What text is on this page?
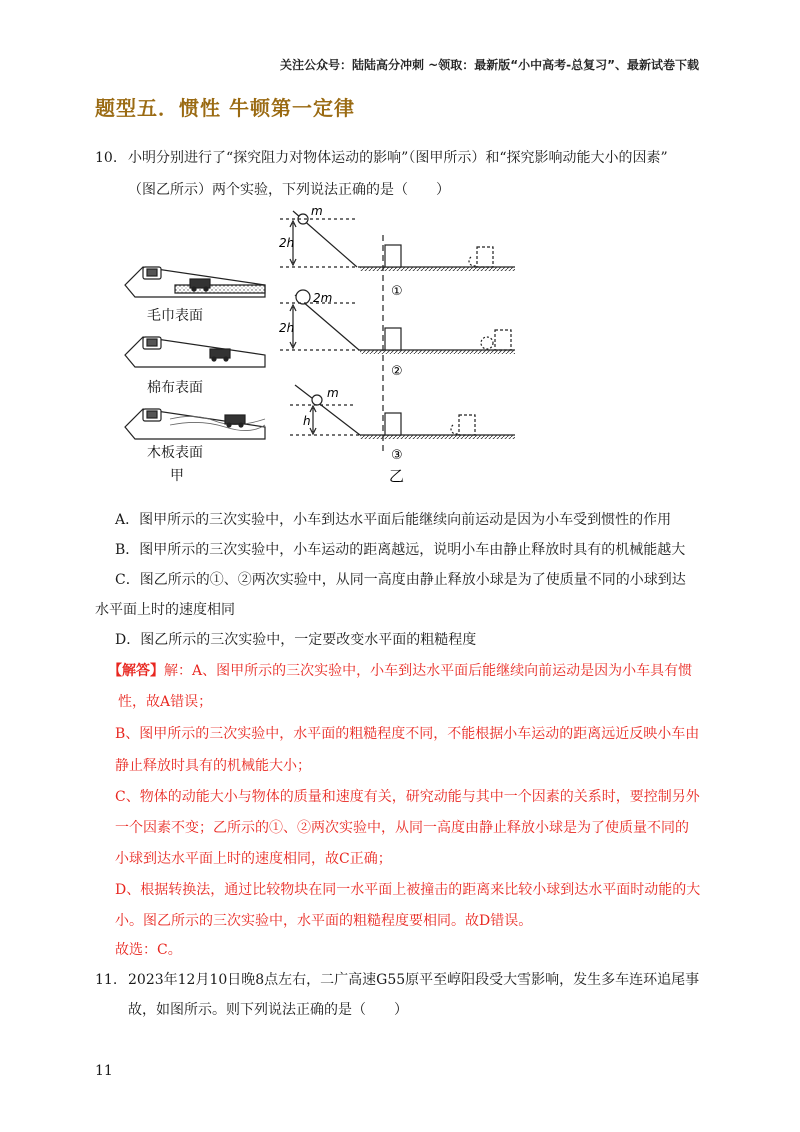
关注公众号：陆陆高分冲刺 ~领取：最新版“小中高考-总复习”、最新试卷下载
题型五．惯性 牛顿第一定律
10. 小明分别进行了“探究阻力对物体运动的影响”（图甲所示）和“探究影响动能大小的因素”
（图乙所示）两个实验，下列说法正确的是（　　）
毛巾表面
棉布表面
木板表面
甲
m
2h
①
2m
2h
②
m
h
③
乙
A．图甲所示的三次实验中，小车到达水平面后能继续向前运动是因为小车受到惯性的作用
B．图甲所示的三次实验中，小车运动的距离越远，说明小车由静止释放时具有的机械能越大
C．图乙所示的①、②两次实验中，从同一高度由静止释放小球是为了使质量不同的小球到达
水平面上时的速度相同
D．图乙所示的三次实验中，一定要改变水平面的粗糙程度
【解答】解：A、图甲所示的三次实验中，小车到达水平面后能继续向前运动是因为小车具有惯
性，故A错误；
B、图甲所示的三次实验中，水平面的粗糙程度不同，不能根据小车运动的距离远近反映小车由
静止释放时具有的机械能大小；
C、物体的动能大小与物体的质量和速度有关，研究动能与其中一个因素的关系时，要控制另外
一个因素不变；乙所示的①、②两次实验中，从同一高度由静止释放小球是为了使质量不同的
小球到达水平面上时的速度相同，故C正确；
D、根据转换法，通过比较物块在同一水平面上被撞击的距离来比较小球到达水平面时动能的大
小。图乙所示的三次实验中，水平面的粗糙程度要相同。故D错误。
故选：C。
11. 2023年12月10日晚8点左右，二广高速G55原平至崞阳段受大雪影响，发生多车连环追尾事
故，如图所示。则下列说法正确的是（　　）
11
